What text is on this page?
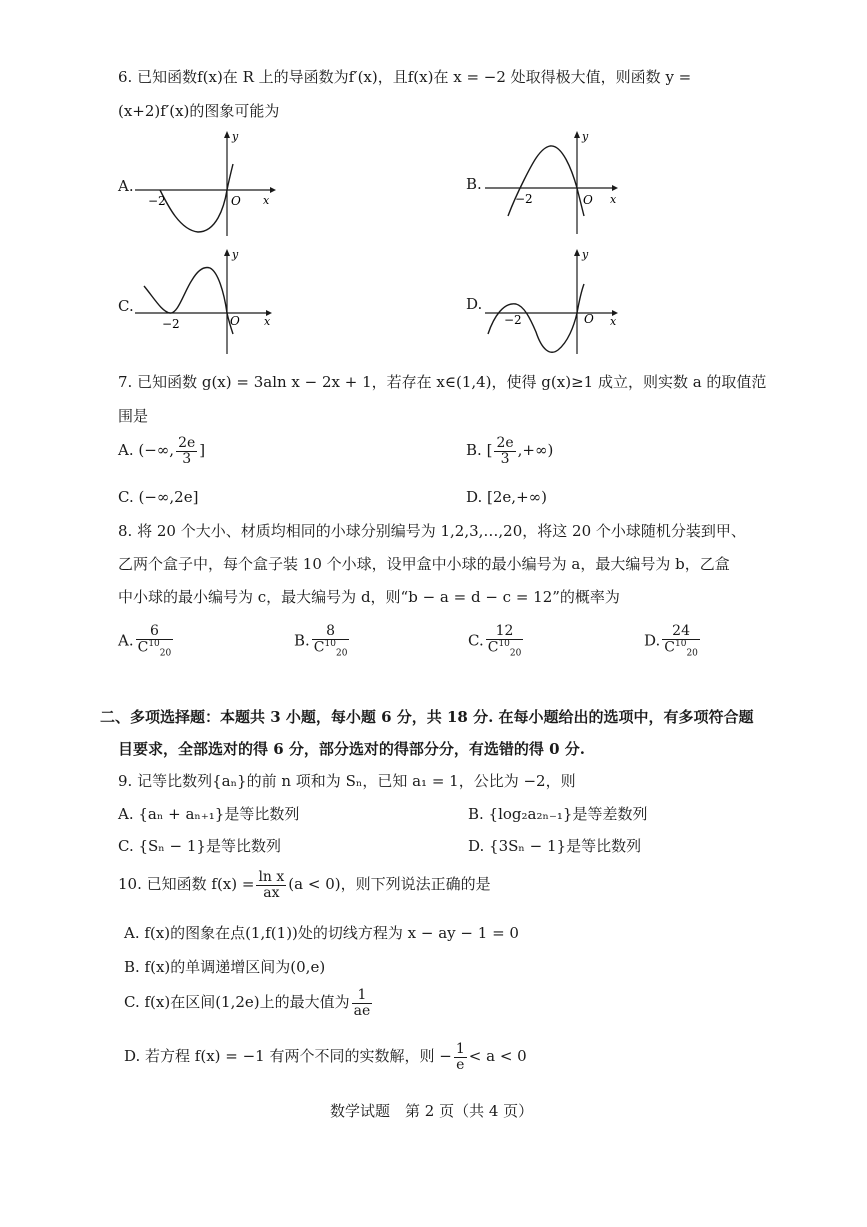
6. 已知函数f(x)在 R 上的导函数为f′(x)，且f(x)在 x = −2 处取得极大值，则函数 y =
(x+2)f′(x)的图象可能为
A.
y
x
O
−2
B.
y
x
O
−2
C.
y
x
O
−2
D.
y
x
O
−2
7. 已知函数 g(x) = 3aln x − 2x + 1，若存在 x∈(1,4)，使得 g(x)≥1 成立，则实数 a 的取值范
围是
A. (−∞, $\frac{2e}{3}$ ]	B. [ $\frac{2e}{3}$ ,+∞)
C. (−∞,2e]	D. [2e,+∞)
8. 将 20 个大小、材质均相同的小球分别编号为 1,2,3,…,20，将这 20 个小球随机分装到甲、
乙两个盒子中，每个盒子装 10 个小球，设甲盒中小球的最小编号为 a，最大编号为 b，乙盒
中小球的最小编号为 c，最大编号为 d，则“b − a = d − c = 12”的概率为
A. $\frac{6}{C^{10}_{20}}$	B. $\frac{8}{C^{10}_{20}}$	C. $\frac{12}{C^{10}_{20}}$	D. $\frac{24}{C^{10}_{20}}$
二、多项选择题：本题共 3 小题，每小题 6 分，共 18 分. 在每小题给出的选项中，有多项符合题
目要求，全部选对的得 6 分，部分选对的得部分分，有选错的得 0 分.
9. 记等比数列{aₙ}的前 n 项和为 Sₙ，已知 a₁ = 1，公比为 −2，则
A. {aₙ + aₙ₊₁}是等比数列	B. {log₂a₂ₙ₋₁}是等差数列
C. {Sₙ − 1}是等比数列	D. {3Sₙ − 1}是等比数列
10. 已知函数 $f(x) = \frac{\text{ln x}}{ax} (a < 0)$，则下列说法正确的是
A. f(x)的图象在点(1,f(1))处的切线方程为 x − ay − 1 = 0
B. f(x)的单调递增区间为(0,e)
C. f(x)在区间(1,2e)上的最大值为 $\frac{1}{ae}$
D. 若方程 f(x) = −1 有两个不同的实数解，则 − $\frac{1}{e} < a < 0$
数学试题　第 2 页（共 4 页）
